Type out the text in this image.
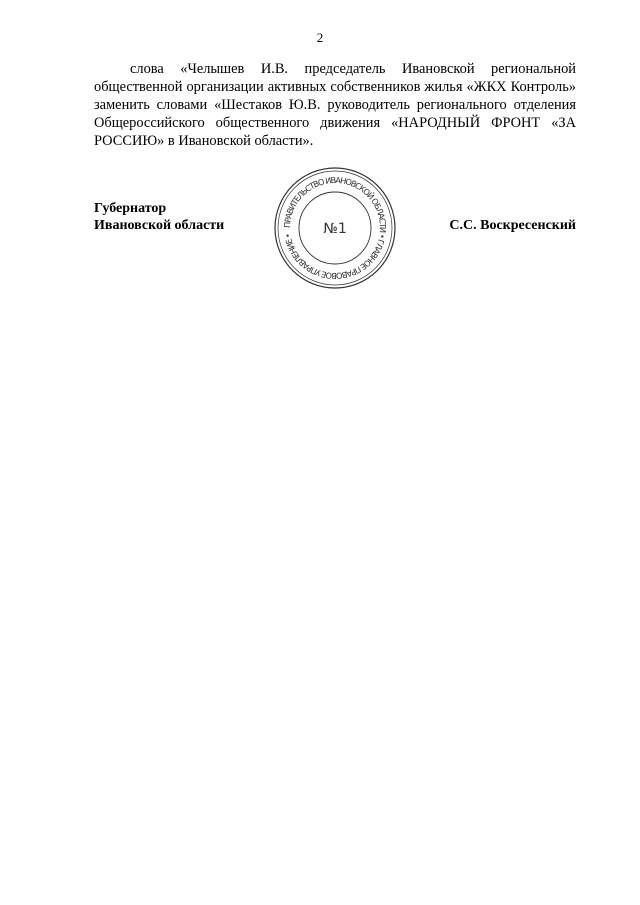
2

слова «Челышев И.В. председатель Ивановской региональной общественной организации активных собственников жилья «ЖКХ Контроль» заменить словами «Шестаков Ю.В. руководитель регионального отделения Общероссийского общественного движения «НАРОДНЫЙ ФРОНТ «ЗА РОССИЮ» в Ивановской области».

Губернатор
Ивановской области	С.С. Воскресенский
ПРАВИТЕЛЬСТВО ИВАНОВСКОЙ ОБЛАСТИ • ГЛАВНОЕ ПРАВОВОЕ УПРАВЛЕНИЕ •	№1
